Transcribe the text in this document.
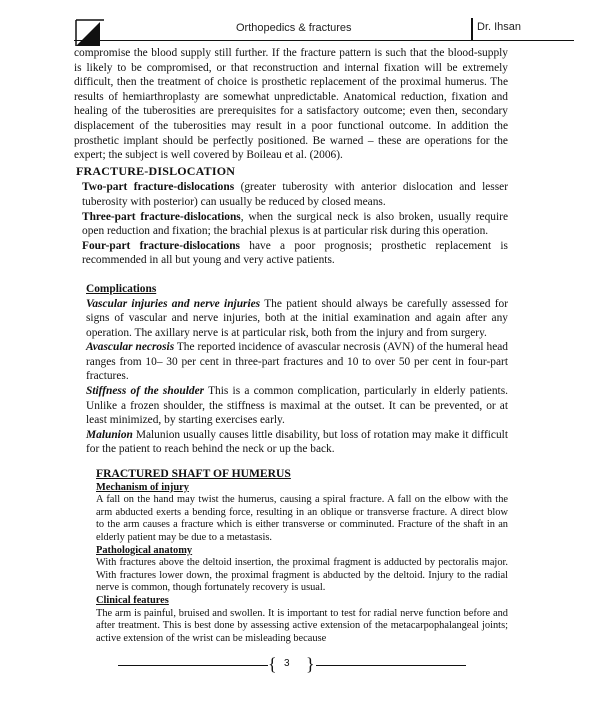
Orthopedics & fractures	Dr. Ihsan

compromise the blood supply still further. If the fracture pattern is such that the blood-supply is likely to be compromised, or that reconstruction and internal fixation will be extremely difficult, then the treatment of choice is prosthetic replacement of the proximal humerus. The results of hemiarthroplasty are somewhat unpredictable. Anatomical reduction, fixation and healing of the tuberosities are prerequisites for a satisfactory outcome; even then, secondary displacement of the tuberosities may result in a poor functional outcome. In addition the prosthetic implant should be perfectly positioned. Be warned – these are operations for the expert; the subject is well covered by Boileau et al. (2006).

FRACTURE-DISLOCATION

Two-part fracture-dislocations (greater tuberosity with anterior dislocation and lesser tuberosity with posterior) can usually be reduced by closed means.

Three-part fracture-dislocations, when the surgical neck is also broken, usually require open reduction and fixation; the brachial plexus is at particular risk during this operation.

Four-part fracture-dislocations have a poor prognosis; prosthetic replacement is recommended in all but young and very active patients.

Complications

Vascular injuries and nerve injuries The patient should always be carefully assessed for signs of vascular and nerve injuries, both at the initial examination and again after any operation. The axillary nerve is at particular risk, both from the injury and from surgery.

Avascular necrosis The reported incidence of avascular necrosis (AVN) of the humeral head ranges from 10– 30 per cent in three-part fractures and 10 to over 50 per cent in four-part fractures.

Stiffness of the shoulder This is a common complication, particularly in elderly patients. Unlike a frozen shoulder, the stiffness is maximal at the outset. It can be prevented, or at least minimized, by starting exercises early.

Malunion Malunion usually causes little disability, but loss of rotation may make it difficult for the patient to reach behind the neck or up the back.

FRACTURED SHAFT OF HUMERUS
Mechanism of injury

A fall on the hand may twist the humerus, causing a spiral fracture. A fall on the elbow with the arm abducted exerts a bending force, resulting in an oblique or transverse fracture. A direct blow to the arm causes a fracture which is either transverse or comminuted. Fracture of the shaft in an elderly patient may be due to a metastasis.

Pathological anatomy

With fractures above the deltoid insertion, the proximal fragment is adducted by pectoralis major. With fractures lower down, the proximal fragment is abducted by the deltoid. Injury to the radial nerve is common, though fortunately recovery is usual.

Clinical features

The arm is painful, bruised and swollen. It is important to test for radial nerve function before and after treatment. This is best done by assessing active extension of the metacarpophalangeal joints; active extension of the wrist can be misleading because

{ 3 }
